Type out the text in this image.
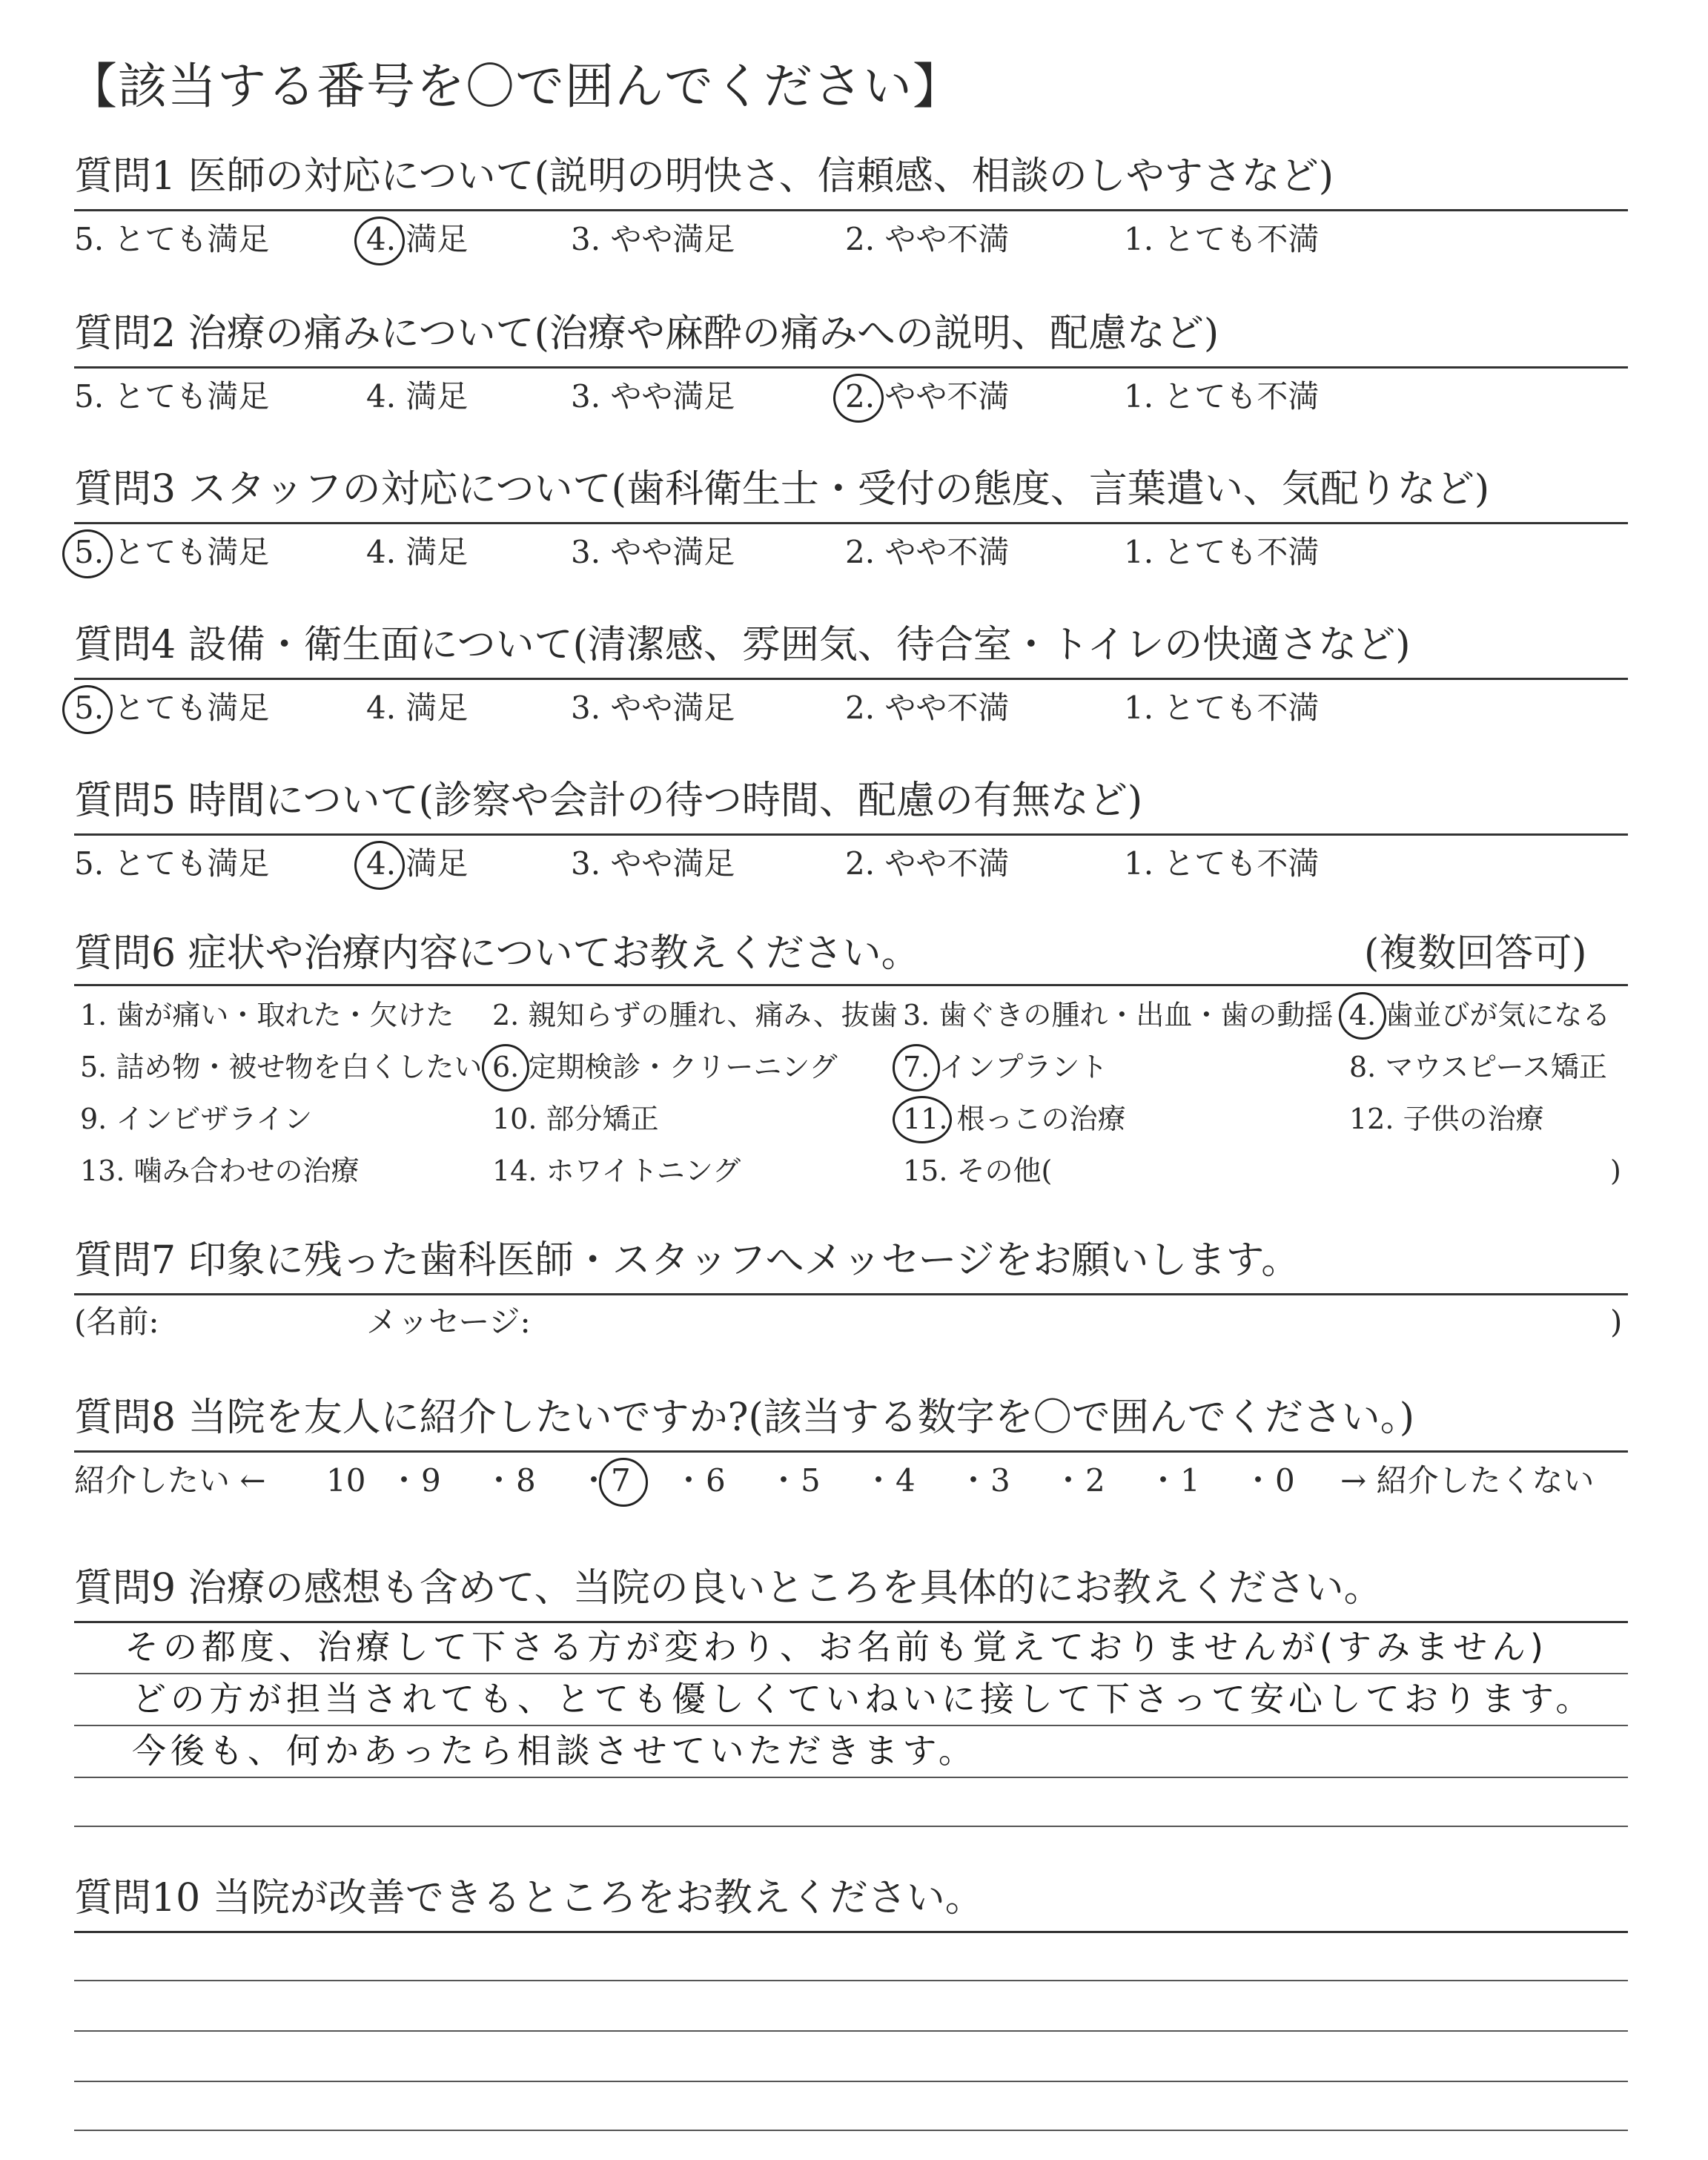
【該当する番号を〇で囲んでください】
質問1 医師の対応について(説明の明快さ、信頼感、相談のしやすさなど)
5. とても満足	4. 満足	3. やや満足	2. やや不満	1. とても不満
質問2 治療の痛みについて(治療や麻酔の痛みへの説明、配慮など)
5. とても満足	4. 満足	3. やや満足	2. やや不満	1. とても不満
質問3 スタッフの対応について(歯科衛生士・受付の態度、言葉遣い、気配りなど)
5. とても満足	4. 満足	3. やや満足	2. やや不満	1. とても不満
質問4 設備・衛生面について(清潔感、雰囲気、待合室・トイレの快適さなど)
5. とても満足	4. 満足	3. やや満足	2. やや不満	1. とても不満
質問5 時間について(診察や会計の待つ時間、配慮の有無など)
5. とても満足	4. 満足	3. やや満足	2. やや不満	1. とても不満
質問6 症状や治療内容についてお教えください。	(複数回答可)
1. 歯が痛い・取れた・欠けた 2. 親知らずの腫れ、痛み、抜歯 3. 歯ぐきの腫れ・出血・歯の動揺 4. 歯並びが気になる
5. 詰め物・被せ物を白くしたい 6. 定期検診・クリーニング 7. インプラント	8. マウスピース矯正
9. インビザライン	10. 部分矯正	11. 根っこの治療	12. 子供の治療
13. 噛み合わせの治療	14. ホワイトニング	15. その他(	)
質問7 印象に残った歯科医師・スタッフへメッセージをお願いします。
(名前:	メッセージ:	)
質問8 当院を友人に紹介したいですか?(該当する数字を〇で囲んでください。)
紹介したい ← 10 ・ 9 ・ 8 ・ 7 ・ 6 ・ 5 ・ 4 ・ 3 ・ 2 ・ 1 ・ 0 → 紹介したくない
質問9 治療の感想も含めて、当院の良いところを具体的にお教えください。
その都度、治療して下さる方が変わり、お名前も覚えておりませんが(すみません)
どの方が担当されても、とても優しくていねいに接して下さって安心しております。
今後も、何かあったら相談させていただきます。
質問10 当院が改善できるところをお教えください。
